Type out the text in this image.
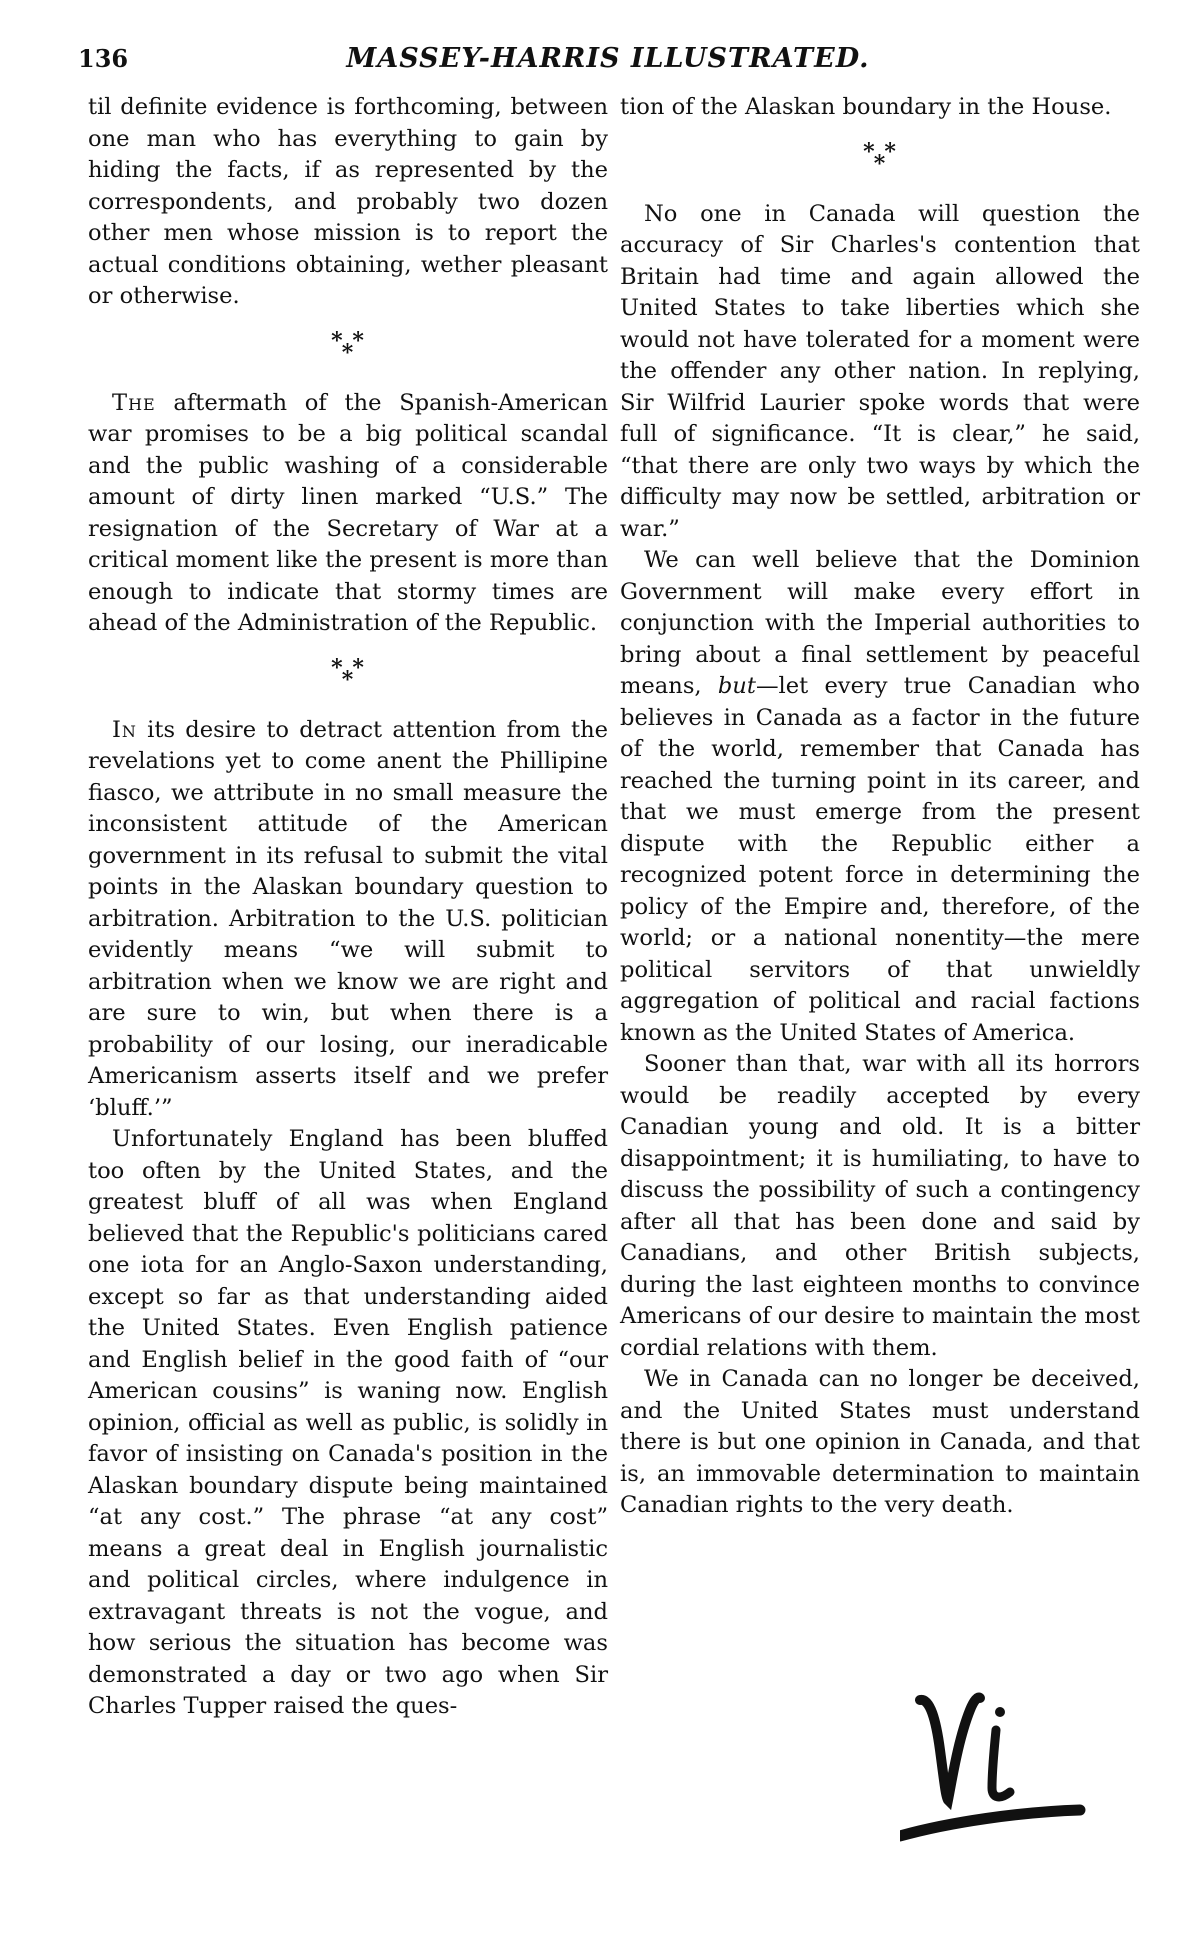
136	MASSEY-HARRIS ILLUSTRATED.

til definite evidence is forthcoming, between one man who has everything to gain by hiding the facts, if as represented by the correspondents, and probably two dozen other men whose mission is to report the actual conditions obtaining, wether pleasant or otherwise.

* *
*

The aftermath of the Spanish-American war promises to be a big political scandal and the public washing of a considerable amount of dirty linen marked “U.S.” The resignation of the Secretary of War at a critical moment like the present is more than enough to indicate that stormy times are ahead of the Administration of the Republic.

* *
*

In its desire to detract attention from the revelations yet to come anent the Phillipine fiasco, we attribute in no small measure the inconsistent attitude of the American government in its refusal to submit the vital points in the Alaskan boundary question to arbitration. Arbitration to the U.S. politician evidently means “we will submit to arbitration when we know we are right and are sure to win, but when there is a probability of our losing, our ineradicable Americanism asserts itself and we prefer ‘bluff.’”

Unfortunately England has been bluffed too often by the United States, and the greatest bluff of all was when England believed that the Republic's politicians cared one iota for an Anglo-Saxon understanding, except so far as that understanding aided the United States. Even English patience and English belief in the good faith of “our American cousins” is waning now. English opinion, official as well as public, is solidly in favor of insisting on Canada's position in the Alaskan boundary dispute being maintained “at any cost.” The phrase “at any cost” means a great deal in English journalistic and political circles, where indulgence in extravagant threats is not the vogue, and how serious the situation has become was demonstrated a day or two ago when Sir Charles Tupper raised the ques-

tion of the Alaskan boundary in the House.

* *
*

No one in Canada will question the accuracy of Sir Charles's contention that Britain had time and again allowed the United States to take liberties which she would not have tolerated for a moment were the offender any other nation. In replying, Sir Wilfrid Laurier spoke words that were full of significance. “It is clear,” he said, “that there are only two ways by which the difficulty may now be settled, arbitration or war.”

We can well believe that the Dominion Government will make every effort in conjunction with the Imperial authorities to bring about a final settlement by peaceful means, but—let every true Canadian who believes in Canada as a factor in the future of the world, remember that Canada has reached the turning point in its career, and that we must emerge from the present dispute with the Republic either a recognized potent force in determining the policy of the Empire and, therefore, of the world; or a national nonentity—the mere political servitors of that unwieldly aggregation of political and racial factions known as the United States of America.

Sooner than that, war with all its horrors would be readily accepted by every Canadian young and old. It is a bitter disappointment; it is humiliating, to have to discuss the possibility of such a contingency after all that has been done and said by Canadians, and other British subjects, during the last eighteen months to convince Americans of our desire to maintain the most cordial relations with them.

We in Canada can no longer be deceived, and the United States must understand there is but one opinion in Canada, and that is, an immovable determination to maintain Canadian rights to the very death.
